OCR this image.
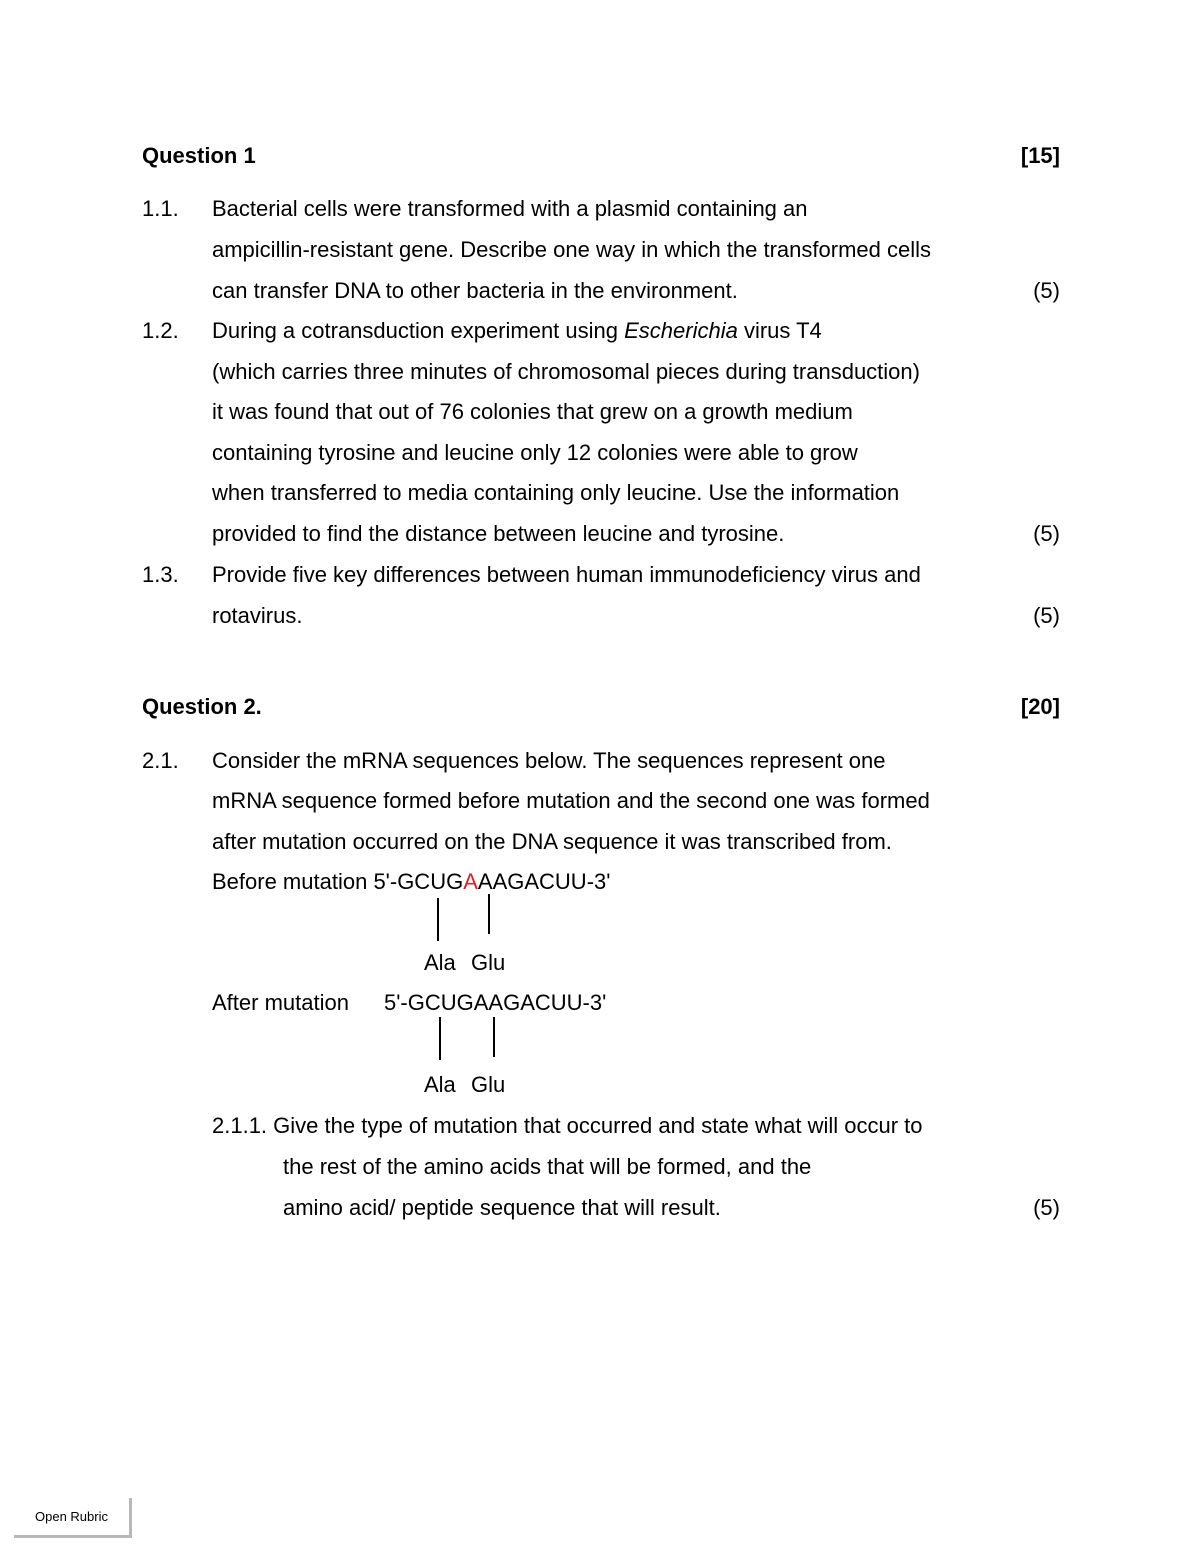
Question 1	[15]
1.1. Bacterial cells were transformed with a plasmid containing an
ampicillin-resistant gene. Describe one way in which the transformed cells
can transfer DNA to other bacteria in the environment.	(5)
1.2. During a cotransduction experiment using Escherichia virus T4
(which carries three minutes of chromosomal pieces during transduction)
it was found that out of 76 colonies that grew on a growth medium
containing tyrosine and leucine only 12 colonies were able to grow
when transferred to media containing only leucine. Use the information
provided to find the distance between leucine and tyrosine.	(5)
1.3. Provide five key differences between human immunodeficiency virus and
rotavirus.	(5)
Question 2.	[20]
2.1. Consider the mRNA sequences below. The sequences represent one
mRNA sequence formed before mutation and the second one was formed
after mutation occurred on the DNA sequence it was transcribed from.
Before mutation 5'-GCUGAAAGACUU-3'
Ala Glu
After mutation 5'-GCUGAAGACUU-3'
Ala Glu
2.1.1. Give the type of mutation that occurred and state what will occur to
the rest of the amino acids that will be formed, and the
amino acid/ peptide sequence that will result.	(5)
Open Rubric
